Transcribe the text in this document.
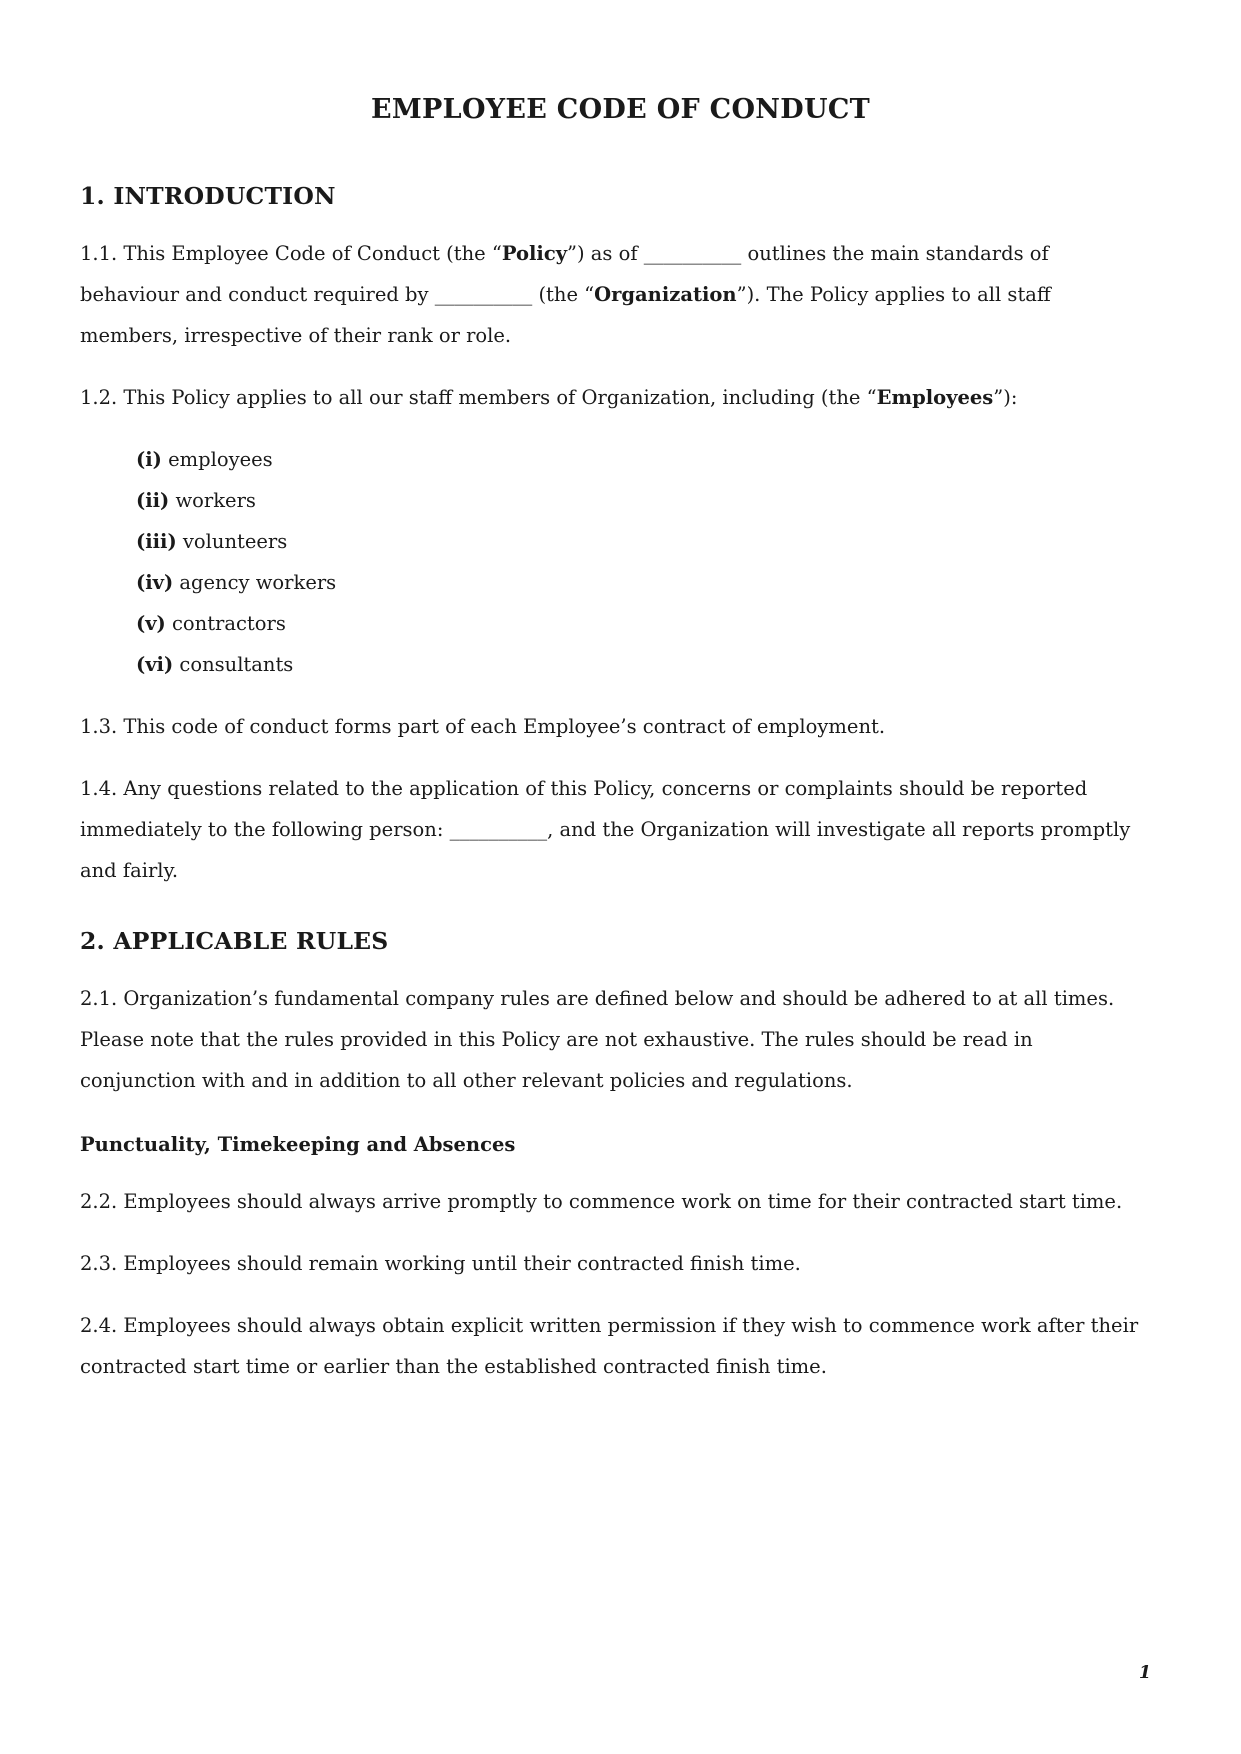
EMPLOYEE CODE OF CONDUCT
1. INTRODUCTION

1.1. This Employee Code of Conduct (the “Policy”) as of __________ outlines the main standards of behaviour and conduct required by __________ (the “Organization”). The Policy applies to all staff members, irrespective of their rank or role.

1.2. This Policy applies to all our staff members of Organization, including (the “Employees”):

(i) employees
(ii) workers
(iii) volunteers
(iv) agency workers
(v) contractors
(vi) consultants

1.3. This code of conduct forms part of each Employee’s contract of employment.

1.4. Any questions related to the application of this Policy, concerns or complaints should be reported immediately to the following person: __________, and the Organization will investigate all reports promptly and fairly.

2. APPLICABLE RULES

2.1. Organization’s fundamental company rules are defined below and should be adhered to at all times. Please note that the rules provided in this Policy are not exhaustive. The rules should be read in conjunction with and in addition to all other relevant policies and regulations.

Punctuality, Timekeeping and Absences

2.2. Employees should always arrive promptly to commence work on time for their contracted start time.

2.3. Employees should remain working until their contracted finish time.

2.4. Employees should always obtain explicit written permission if they wish to commence work after their contracted start time or earlier than the established contracted finish time.

1
